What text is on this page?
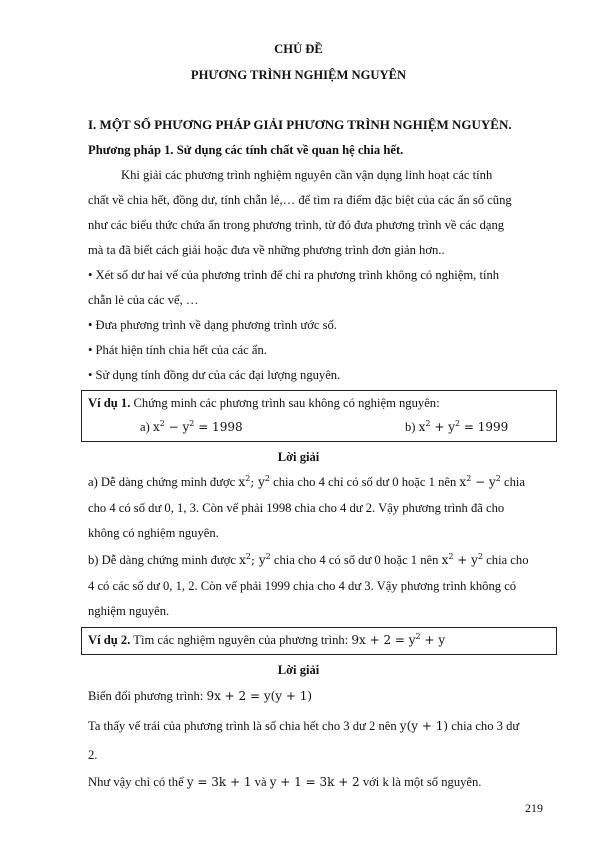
CHỦ ĐỀ
PHƯƠNG TRÌNH NGHIỆM NGUYÊN
I. MỘT SỐ PHƯƠNG PHÁP GIẢI PHƯƠNG TRÌNH NGHIỆM NGUYÊN.
Phương pháp 1. Sử dụng các tính chất về quan hệ chia hết.
Khi giải các phương trình nghiệm nguyên cần vận dụng linh hoạt các tính
chất về chia hết, đồng dư, tính chẵn lẻ,… để tìm ra điểm đặc biệt của các ẩn số cũng
như các biểu thức chứa ẩn trong phương trình, từ đó đưa phương trình về các dạng
mà ta đã biết cách giải hoặc đưa về những phương trình đơn giản hơn..
• Xét số dư hai vế của phương trình để chỉ ra phương trình không có nghiệm, tính
chẵn lẻ của các vế, …
• Đưa phương trình về dạng phương trình ước số.
• Phát hiện tính chia hết của các ẩn.
• Sử dụng tính đồng dư của các đại lượng nguyên.
Ví dụ 1. Chứng minh các phương trình sau không có nghiệm nguyên:
a) $x^2 - y^2 = 1998$	b) $x^2 + y^2 = 1999$
Lời giải
a) Dễ dàng chứng minh được $x^2$; $y^2$ chia cho 4 chỉ có số dư 0 hoặc 1 nên $x^2 - y^2$ chia
cho 4 có số dư 0, 1, 3. Còn vế phải 1998 chia cho 4 dư 2. Vậy phương trình đã cho
không có nghiệm nguyên.
b) Dễ dàng chứng minh được $x^2$; $y^2$ chia cho 4 có số dư 0 hoặc 1 nên $x^2 + y^2$ chia cho
4 có các số dư 0, 1, 2. Còn vế phải 1999 chia cho 4 dư 3. Vậy phương trình không có
nghiệm nguyên.
Ví dụ 2. Tìm các nghiệm nguyên của phương trình: $9x + 2 = y^2 + y$
Lời giải
Biến đổi phương trình: 9x + 2 = y(y + 1)
Ta thấy vế trái của phương trình là số chia hết cho 3 dư 2 nên y(y + 1) chia cho 3 dư
2.
Như vậy chỉ có thể y = 3k + 1 và y + 1 = 3k + 2 với k là một số nguyên.
219
